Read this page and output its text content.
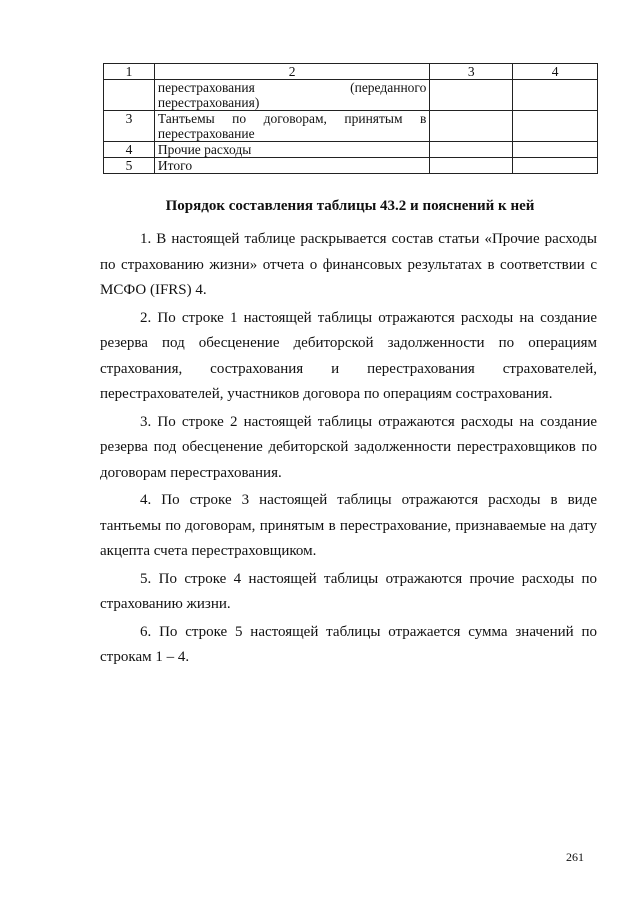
1	2	3	4

	перестрахования (переданного
перестрахования)		
3	Тантьемы по договорам, принятым в
перестрахование		
4	Прочие расходы		
5	Итого		
Порядок составления таблицы 43.2 и пояснений к ней

1. В настоящей таблице раскрывается состав статьи «Прочие расходы по страхованию жизни» отчета о финансовых результатах в соответствии с МСФО (IFRS) 4.

2. По строке 1 настоящей таблицы отражаются расходы на создание резерва под обесценение дебиторской задолженности по операциям страхования, сострахования и перестрахования страхователей, перестрахователей, участников договора по операциям сострахования.

3. По строке 2 настоящей таблицы отражаются расходы на создание резерва под обесценение дебиторской задолженности перестраховщиков по договорам перестрахования.

4. По строке 3 настоящей таблицы отражаются расходы в виде тантьемы по договорам, принятым в перестрахование, признаваемые на дату акцепта счета перестраховщиком.

5. По строке 4 настоящей таблицы отражаются прочие расходы по страхованию жизни.

6. По строке 5 настоящей таблицы отражается сумма значений по строкам 1 – 4.

261
